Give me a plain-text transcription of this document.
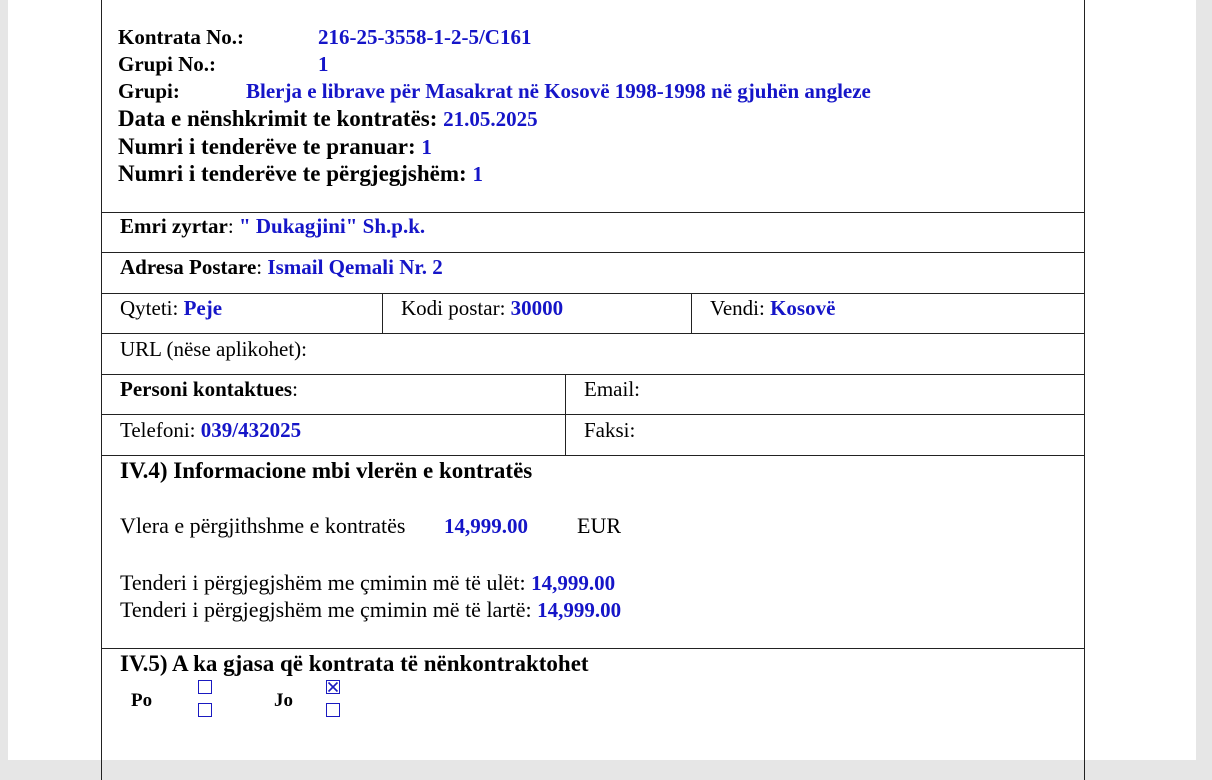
Kontrata No.:	216-25-3558-1-2-5/C161
Grupi No.:	1
Grupi:	Blerja e librave për Masakrat në Kosovë 1998-1998 në gjuhën angleze
Data e nënshkrimit te kontratës: 21.05.2025
Numri i tenderëve te pranuar: 1
Numri i tenderëve te përgjegjshëm: 1
Emri zyrtar: " Dukagjini" Sh.p.k.
Adresa Postare: Ismail Qemali Nr. 2
Qyteti: Peje	Kodi postar: 30000	Vendi: Kosovë
URL (nëse aplikohet):
Personi kontaktues:	Email:
Telefoni: 039/432025	Faksi:
IV.4) Informacione mbi vlerën e kontratës
Vlera e përgjithshme e kontratës 14,999.00 EUR
Tenderi i përgjegjshëm me çmimin më të ulët: 14,999.00
Tenderi i përgjegjshëm me çmimin më të lartë: 14,999.00
IV.5) A ka gjasa që kontrata të nënkontraktohet
Po	Jo
